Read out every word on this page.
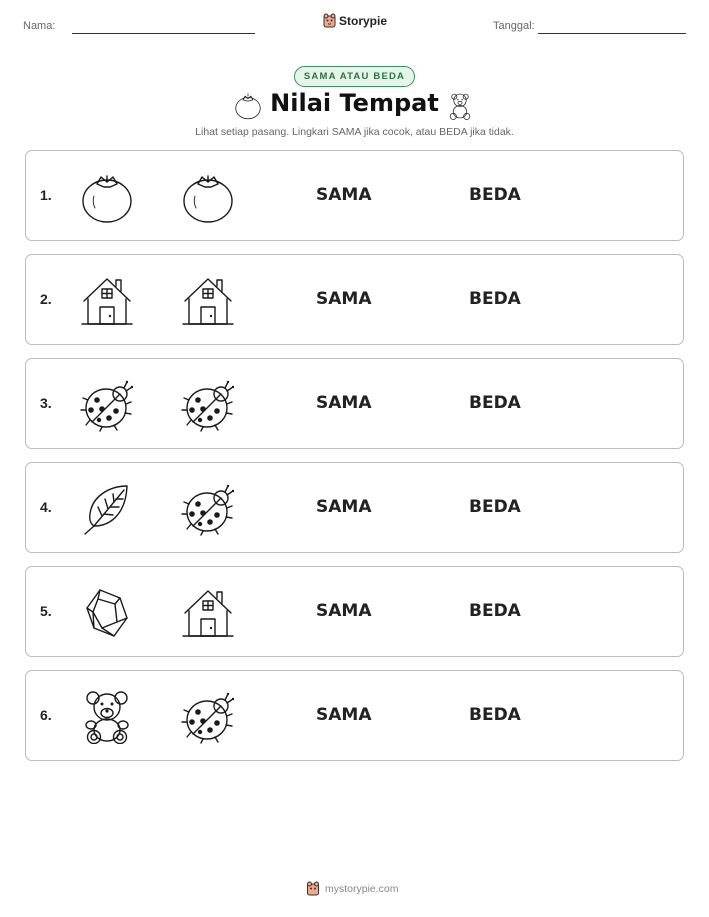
Nama:	Storypie	Tanggal:
SAMA ATAU BEDA
Nilai Tempat
Lihat setiap pasang. Lingkari SAMA jika cocok, atau BEDA jika tidak.
1.	SAMA	BEDA
2.	SAMA	BEDA
3.	SAMA	BEDA
4.	SAMA	BEDA
5.	SAMA	BEDA
6.	SAMA	BEDA
mystorypie.com
